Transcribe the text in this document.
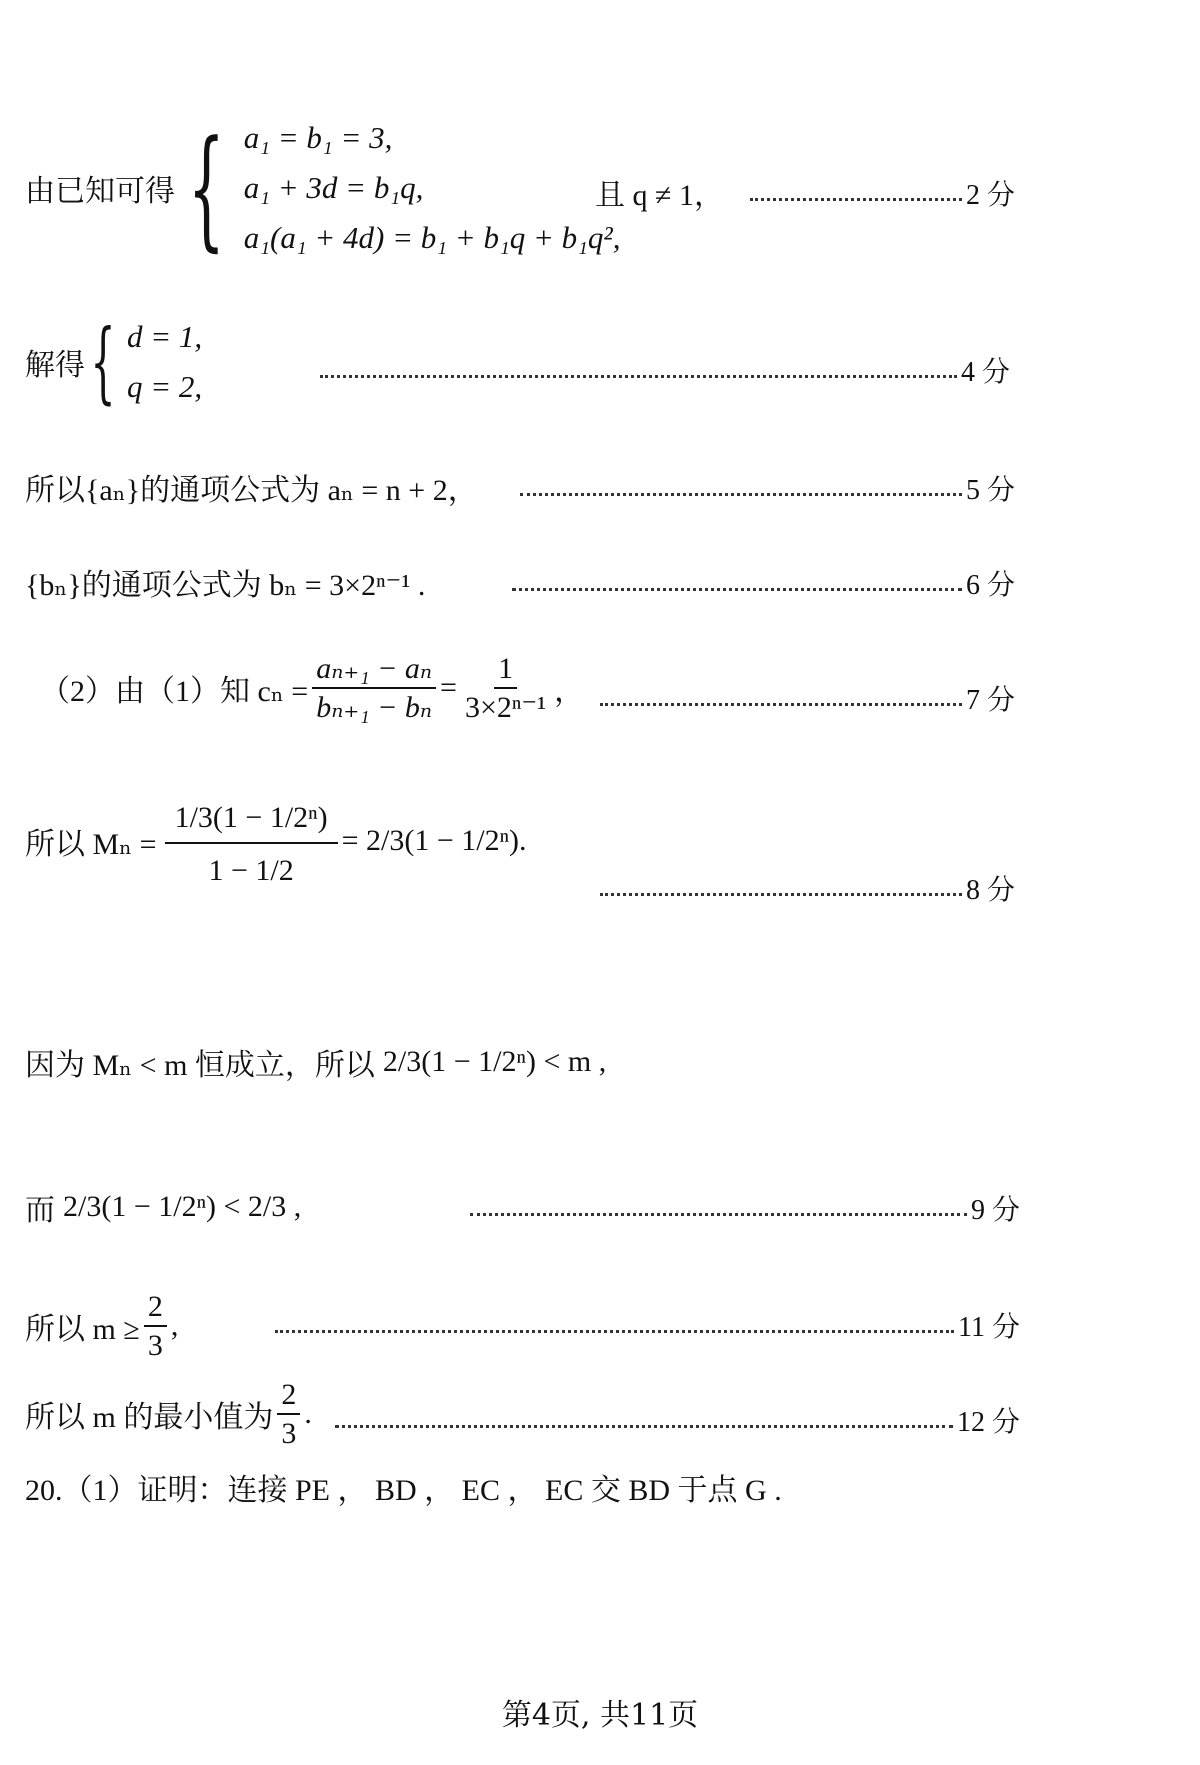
由已知可得 { a₁ = b₁ = 3,
a₁ + 3d = b₁q,
a₁(a₁ + 4d) = b₁ + b₁q + b₁q²,
且 q ≠ 1，	2 分
解得 { d = 1,
q = 2,	4 分
所以{aₙ}的通项公式为 aₙ = n + 2，	5 分
{bₙ}的通项公式为 bₙ = 3×2ⁿ⁻¹ .	6 分
（2）由（1）知 $c_n = \frac{\text{aₙ₊₁ − aₙ}}{\text{bₙ₊₁ − bₙ}} = \frac{1}{\text{3×2ⁿ⁻¹}}$ ，	7 分
所以 $M_n = \frac{\text{1/3(1 − 1/2ⁿ)}}{1 - 1/2} = 2/3(1 - 1/2^n)$.
8 分
因为 Mₙ < m 恒成立，所以 2/3(1 − 1/2ⁿ) < m ,
而 2/3(1 − 1/2ⁿ) < 2/3 ,	9 分
所以 $m \ge \frac{2}{3}$ ,	11 分
所以 m 的最小值为 $\frac{2}{3}$ .	12 分
20.（1）证明：连接 PE ， BD ， EC ， EC 交 BD 于点 G .
第4页, 共11页
